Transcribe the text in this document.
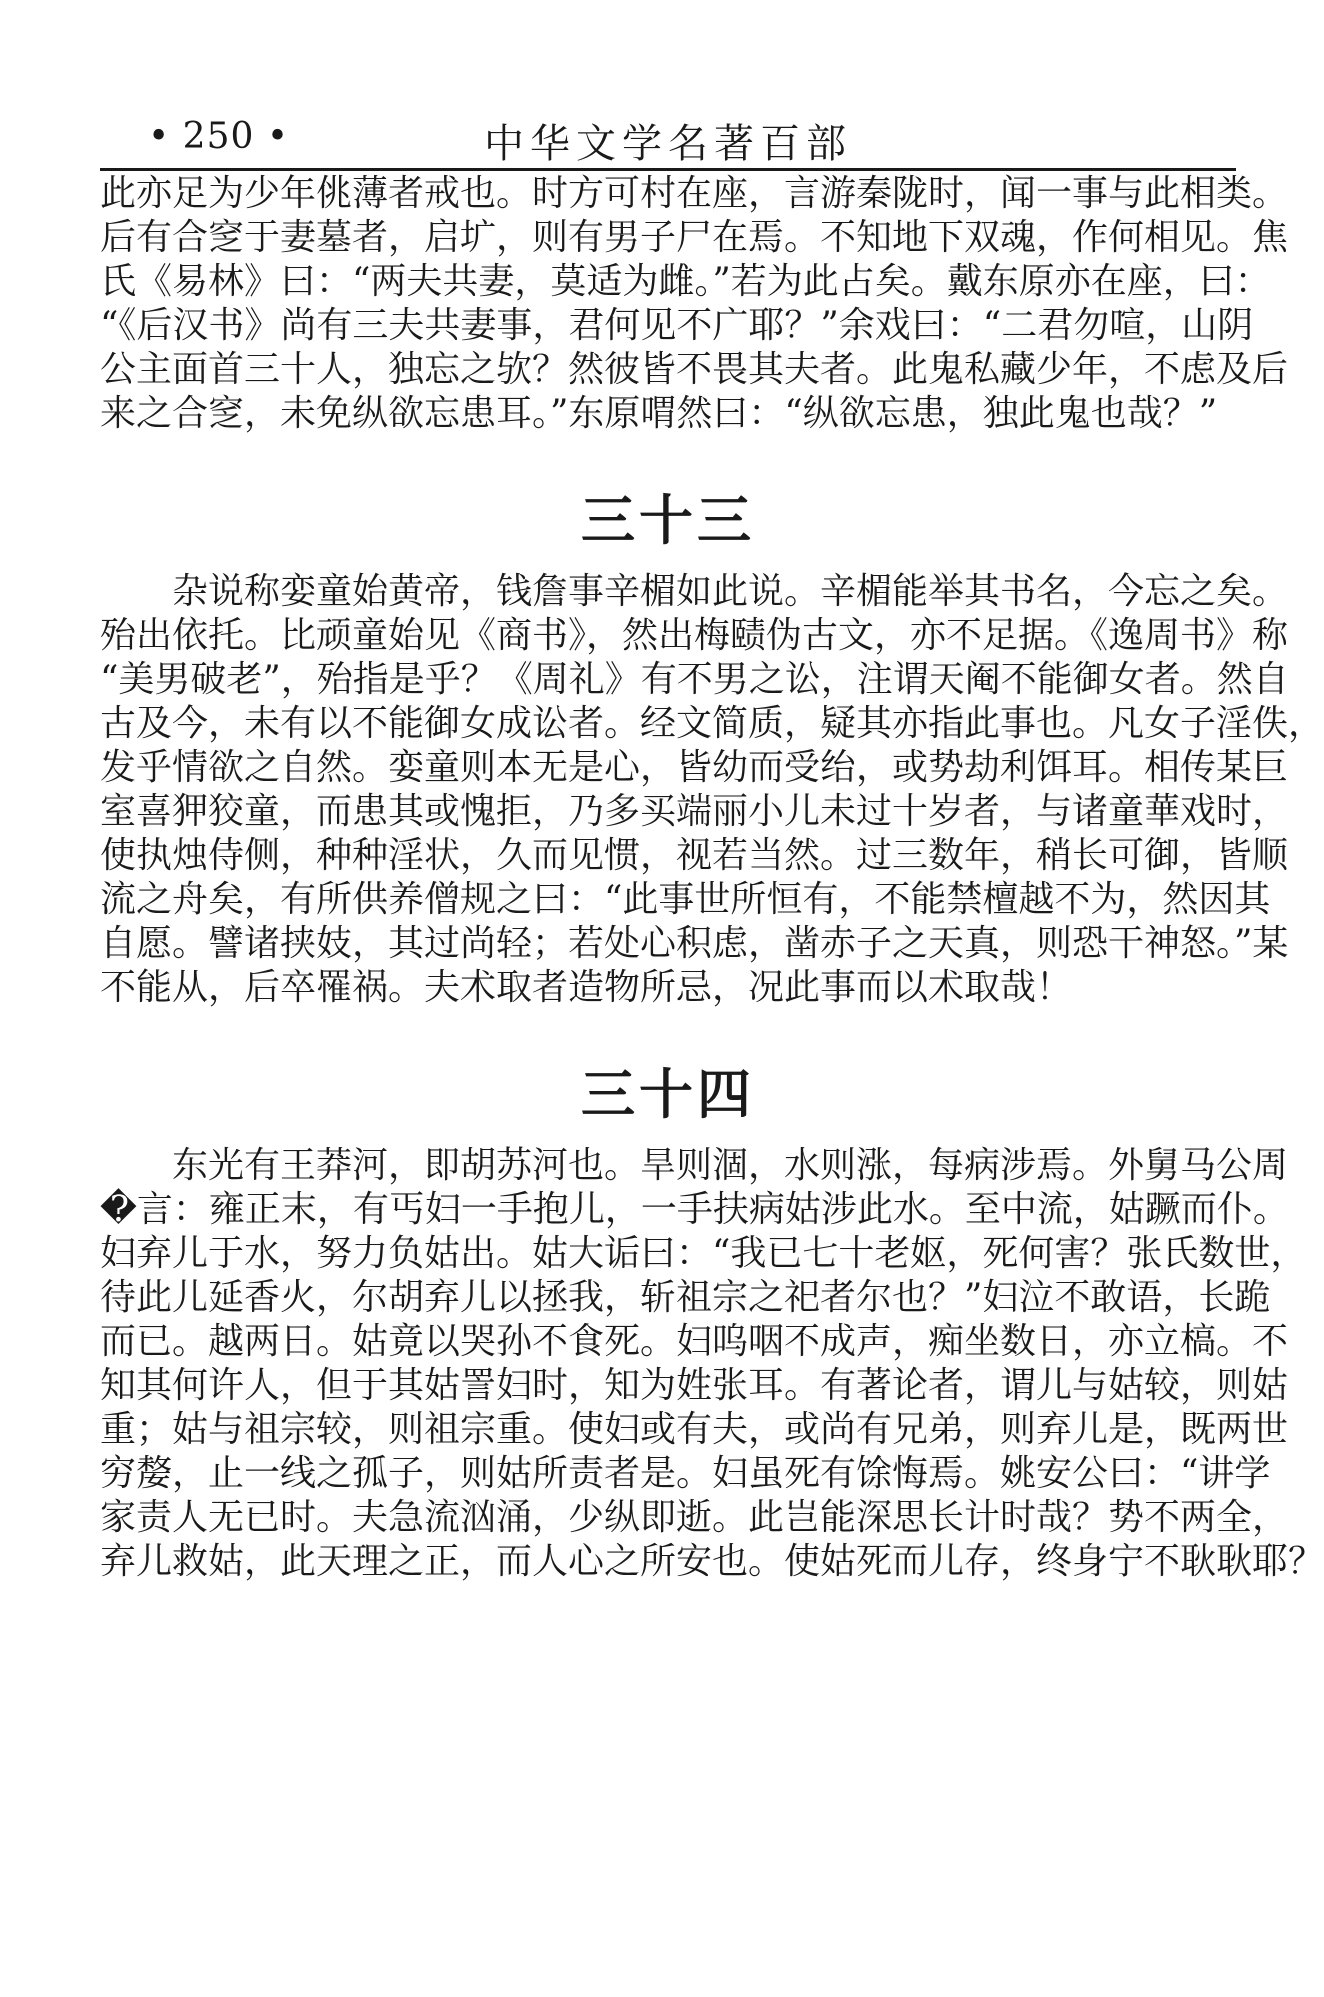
• 250 •	中华文学名著百部
此亦足为少年佻薄者戒也。时方可村在座，言游秦陇时，闻一事与此相类。
后有合窆于妻墓者，启圹，则有男子尸在焉。不知地下双魂，作何相见。焦
氏《易林》曰：“两夫共妻，莫适为雌。”若为此占矣。戴东原亦在座，曰：
“《后汉书》尚有三夫共妻事，君何见不广耶？”余戏曰：“二君勿喧，山阴
公主面首三十人，独忘之欤？然彼皆不畏其夫者。此鬼私藏少年，不虑及后
来之合窆，未免纵欲忘患耳。”东原喟然曰：“纵欲忘患，独此鬼也哉？”
三十三
杂说称娈童始黄帝，钱詹事辛楣如此说。辛楣能举其书名，今忘之矣。
殆出依托。比顽童始见《商书》，然出梅赜伪古文，亦不足据。《逸周书》称
“美男破老”，殆指是乎？《周礼》有不男之讼，注谓天阉不能御女者。然自
古及今，未有以不能御女成讼者。经文简质，疑其亦指此事也。凡女子淫佚，
发乎情欲之自然。娈童则本无是心，皆幼而受绐，或势劫利饵耳。相传某巨
室喜狎狡童，而患其或愧拒，乃多买端丽小儿未过十岁者，与诸童華戏时，
使执烛侍侧，种种淫状，久而见惯，视若当然。过三数年，稍长可御，皆顺
流之舟矣，有所供养僧规之曰：“此事世所恒有，不能禁檀越不为，然因其
自愿。譬诸挟妓，其过尚轻；若处心积虑，凿赤子之天真，则恐干神怒。”某
不能从，后卒罹祸。夫术取者造物所忌，况此事而以术取哉！
三十四
东光有王莽河，即胡苏河也。旱则涸，水则涨，每病涉焉。外舅马公周
�言：雍正末，有丐妇一手抱儿，一手扶病姑涉此水。至中流，姑蹶而仆。
妇弃儿于水，努力负姑出。姑大诟曰：“我已七十老妪，死何害？张氏数世，
待此儿延香火，尔胡弃儿以拯我，斩祖宗之祀者尔也？”妇泣不敢语，长跪
而已。越两日。姑竟以哭孙不食死。妇呜咽不成声，痴坐数日，亦立槁。不
知其何许人，但于其姑詈妇时，知为姓张耳。有著论者，谓儿与姑较，则姑
重；姑与祖宗较，则祖宗重。使妇或有夫，或尚有兄弟，则弃儿是，既两世
穷嫠，止一线之孤子，则姑所责者是。妇虽死有馀悔焉。姚安公曰：“讲学
家责人无已时。夫急流汹涌，少纵即逝。此岂能深思长计时哉？势不两全，
弃儿救姑，此天理之正，而人心之所安也。使姑死而儿存，终身宁不耿耿耶？
